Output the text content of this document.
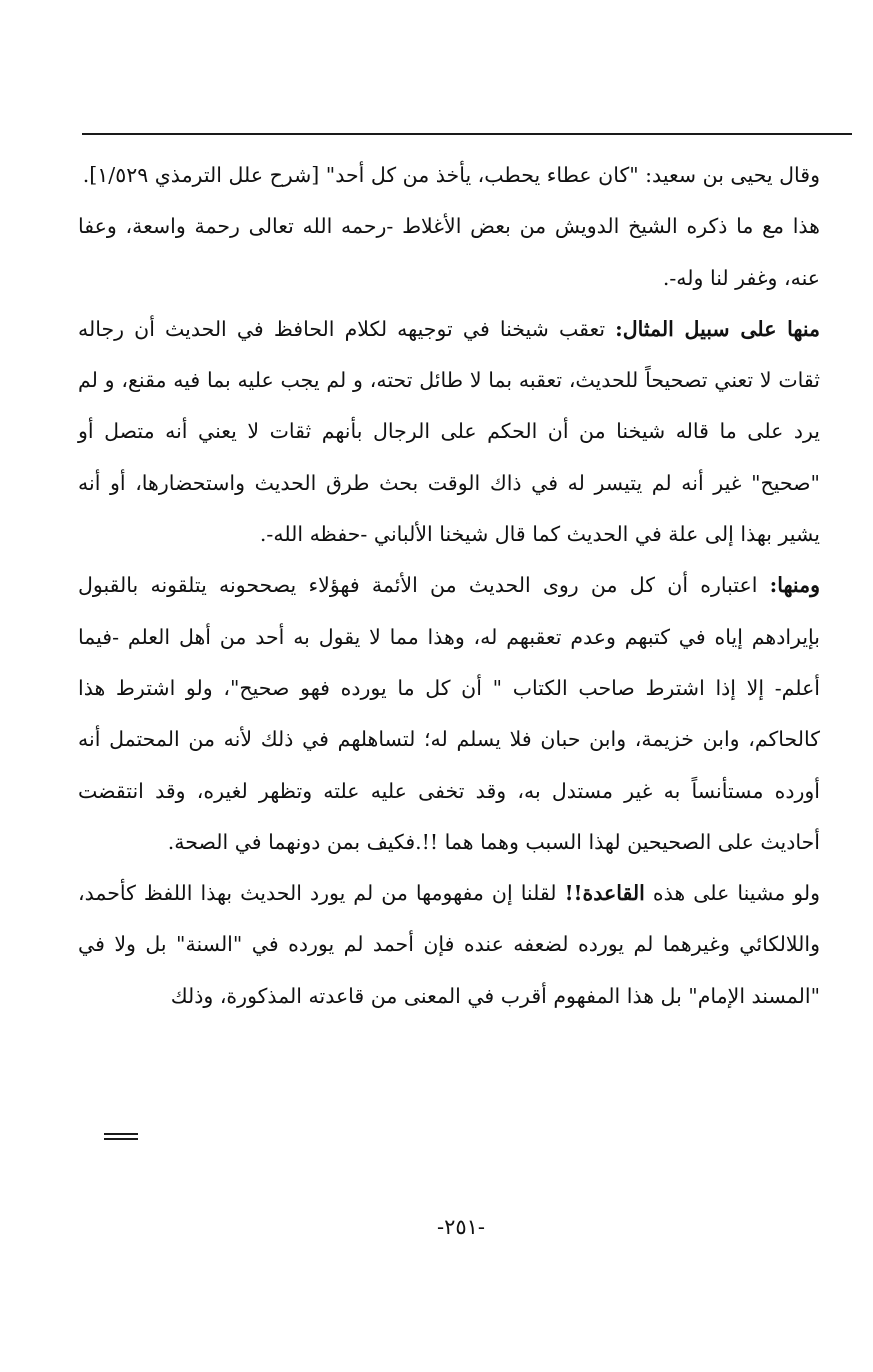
وقال يحيى بن سعيد: "كان عطاء يحطب، يأخذ من كل أحد" [شرح علل الترمذي ١/٥٢٩].

هذا مع ما ذكره الشيخ الدويش من بعض الأغلاط -رحمه الله تعالى رحمة واسعة، وعفا عنه، وغفر لنا وله-.

منها على سبيل المثال: تعقب شيخنا في توجيهه لكلام الحافظ في الحديث أن رجاله ثقات لا تعني تصحيحاً للحديث، تعقبه بما لا طائل تحته، و لم يجب عليه بما فيه مقنع، و لم يرد على ما قاله شيخنا من أن الحكم على الرجال بأنهم ثقات لا يعني أنه متصل أو "صحيح" غير أنه لم يتيسر له في ذاك الوقت بحث طرق الحديث واستحضارها، أو أنه يشير بهذا إلى علة في الحديث كما قال شيخنا الألباني -حفظه الله-.

ومنها: اعتباره أن كل من روى الحديث من الأئمة فهؤلاء يصححونه يتلقونه بالقبول بإيرادهم إياه في كتبهم وعدم تعقبهم له، وهذا مما لا يقول به أحد من أهل العلم -فيما أعلم- إلا إذا اشترط صاحب الكتاب " أن كل ما يورده فهو صحيح"، ولو اشترط هذا كالحاكم، وابن خزيمة، وابن حبان فلا يسلم له؛ لتساهلهم في ذلك لأنه من المحتمل أنه أورده مستأنساً به غير مستدل به، وقد تخفى عليه علته وتظهر لغيره، وقد انتقضت أحاديث على الصحيحين لهذا السبب وهما هما !!.فكيف بمن دونهما في الصحة.

ولو مشينا على هذه القاعدة!! لقلنا إن مفهومها من لم يورد الحديث بهذا اللفظ كأحمد، واللالكائي وغيرهما لم يورده لضعفه عنده فإن أحمد لم يورده في "السنة" بل ولا في "المسند الإمام" بل هذا المفهوم أقرب في المعنى من قاعدته المذكورة، وذلك

-٢٥١-
